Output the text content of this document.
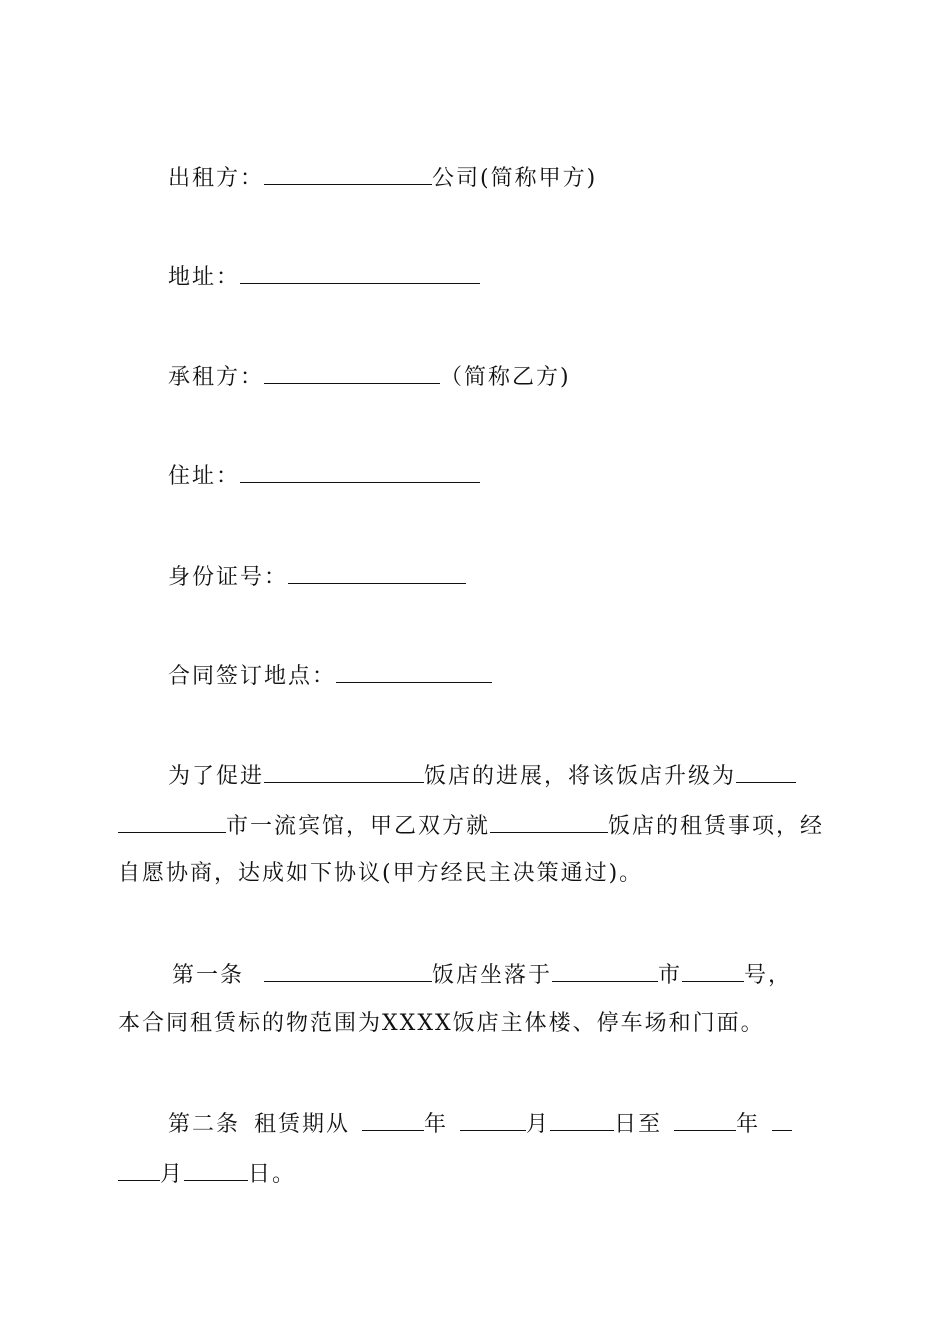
出租方：	公司(简称甲方)
地址：
承租方：	（简称乙方)
住址：
身份证号：
合同签订地点：
为了促进	饭店的进展，将该饭店升级为
市一流宾馆，甲乙双方就	饭店的租赁事项，经
自愿协商，达成如下协议(甲方经民主决策通过)。
第一条	饭店坐落于	市	号，
本合同租赁标的物范围为XXXX饭店主体楼、停车场和门面。
第二条 租赁期从	年	月	日至	年
月	日。
